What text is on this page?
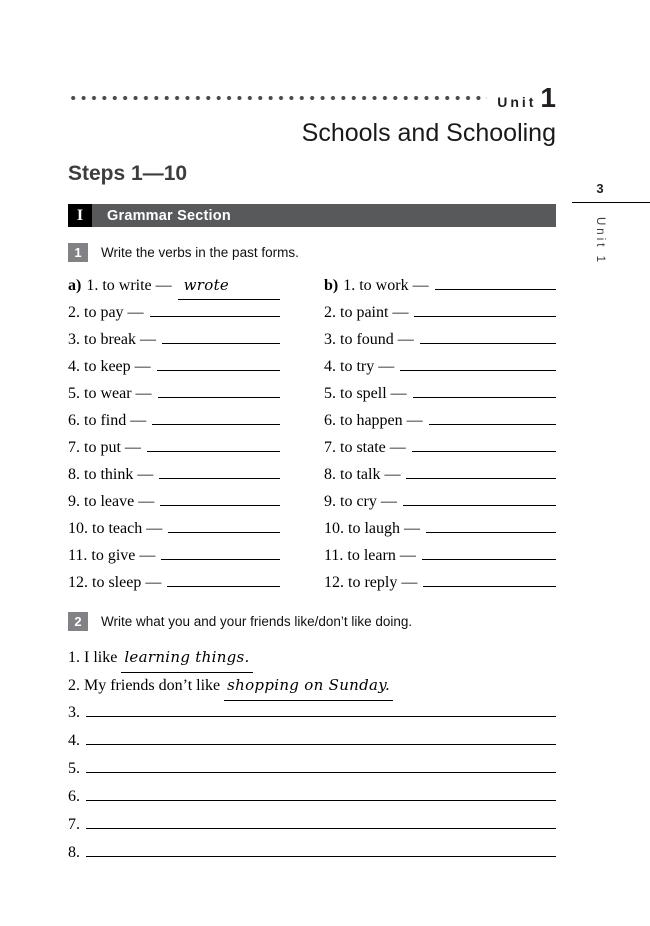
Unit 1
Schools and Schooling
Steps 1—10
I	Grammar Section
1	Write the verbs in the past forms.
a) 1. to write — wrote
2. to pay —
3. to break —
4. to keep —
5. to wear —
6. to find —
7. to put —
8. to think —
9. to leave —
10. to teach —
11. to give —
12. to sleep —
b) 1. to work —
2. to paint —
3. to found —
4. to try —
5. to spell —
6. to happen —
7. to state —
8. to talk —
9. to cry —
10. to laugh —
11. to learn —
12. to reply —
2	Write what you and your friends like/don’t like doing.
1. I like learning things.
2. My friends don’t like shopping on Sunday.
3.
4.
5.
6.
7.
8.
3
Unit 1
